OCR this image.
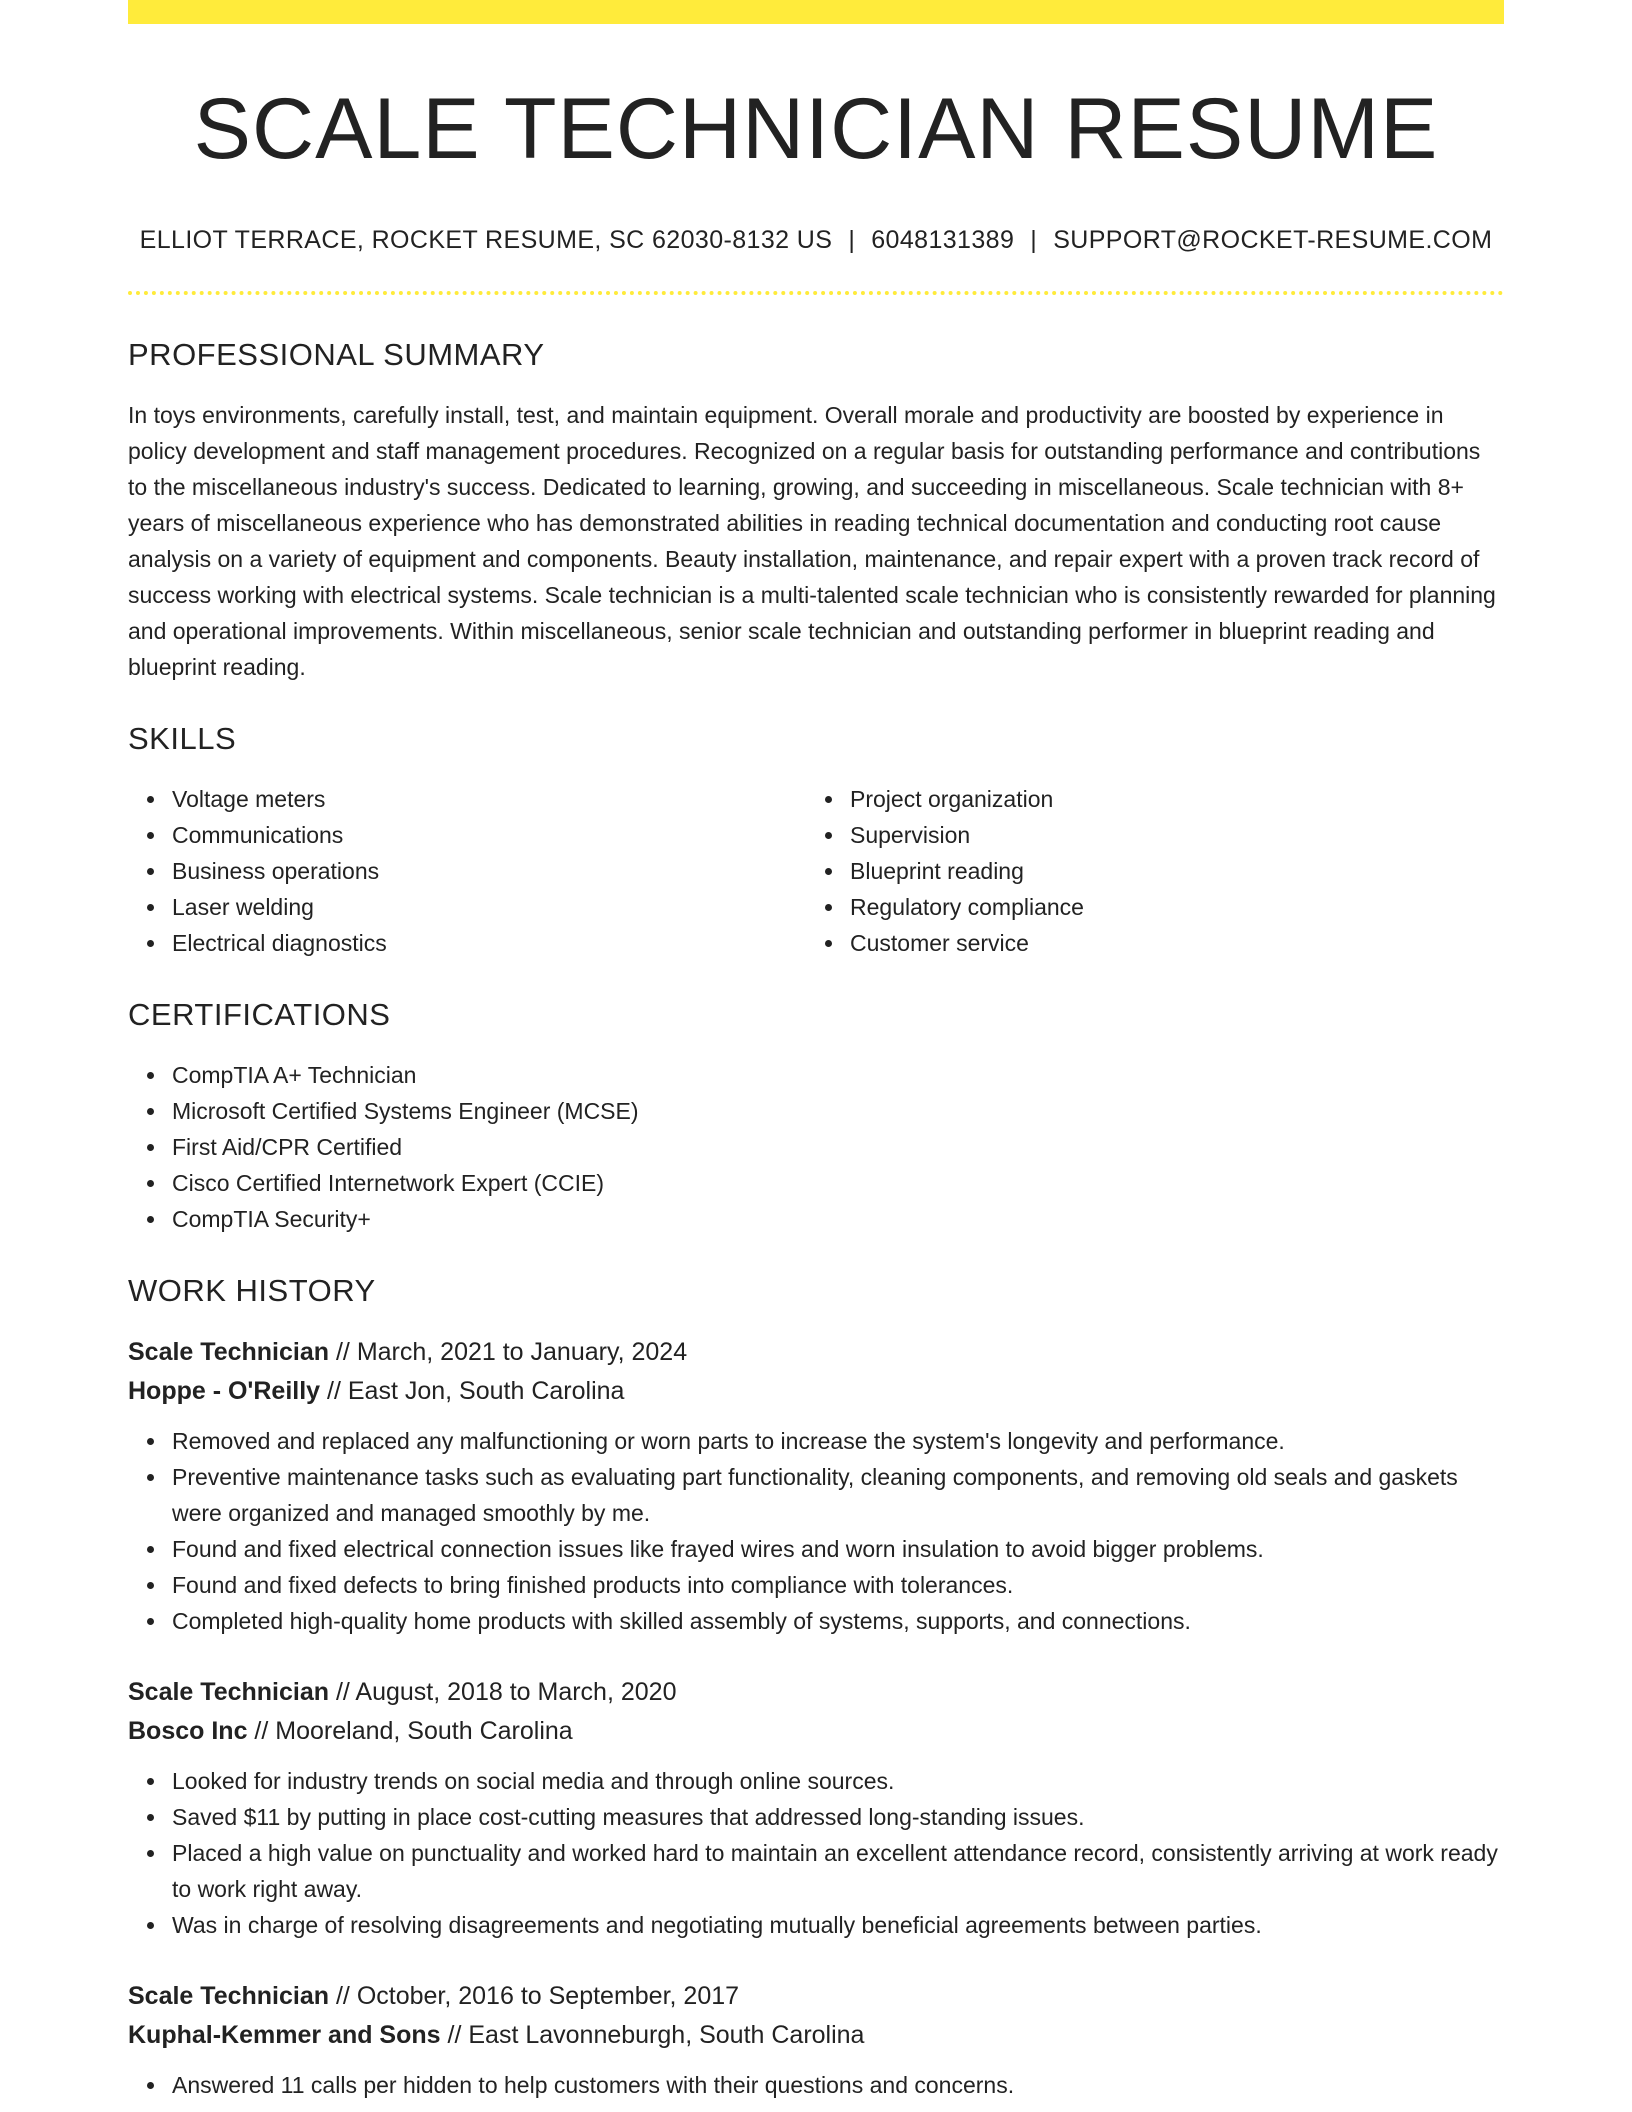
SCALE TECHNICIAN RESUME
ELLIOT TERRACE, ROCKET RESUME, SC 62030-8132 US | 6048131389 | SUPPORT@ROCKET-RESUME.COM
PROFESSIONAL SUMMARY

In toys environments, carefully install, test, and maintain equipment. Overall morale and productivity are boosted by experience in policy development and staff management procedures. Recognized on a regular basis for outstanding performance and contributions to the miscellaneous industry's success. Dedicated to learning, growing, and succeeding in miscellaneous. Scale technician with 8+ years of miscellaneous experience who has demonstrated abilities in reading technical documentation and conducting root cause analysis on a variety of equipment and components. Beauty installation, maintenance, and repair expert with a proven track record of success working with electrical systems. Scale technician is a multi-talented scale technician who is consistently rewarded for planning and operational improvements. Within miscellaneous, senior scale technician and outstanding performer in blueprint reading and blueprint reading.

SKILLS
Voltage meters
Communications
Business operations
Laser welding
Electrical diagnostics
Project organization
Supervision
Blueprint reading
Regulatory compliance
Customer service
CERTIFICATIONS
CompTIA A+ Technician
Microsoft Certified Systems Engineer (MCSE)
First Aid/CPR Certified
Cisco Certified Internetwork Expert (CCIE)
CompTIA Security+
WORK HISTORY
Scale Technician // March, 2021 to January, 2024
Hoppe - O'Reilly // East Jon, South Carolina
Removed and replaced any malfunctioning or worn parts to increase the system's longevity and performance.
Preventive maintenance tasks such as evaluating part functionality, cleaning components, and removing old seals and gaskets were organized and managed smoothly by me.
Found and fixed electrical connection issues like frayed wires and worn insulation to avoid bigger problems.
Found and fixed defects to bring finished products into compliance with tolerances.
Completed high-quality home products with skilled assembly of systems, supports, and connections.
Scale Technician // August, 2018 to March, 2020
Bosco Inc // Mooreland, South Carolina
Looked for industry trends on social media and through online sources.
Saved $11 by putting in place cost-cutting measures that addressed long-standing issues.
Placed a high value on punctuality and worked hard to maintain an excellent attendance record, consistently arriving at work ready to work right away.
Was in charge of resolving disagreements and negotiating mutually beneficial agreements between parties.
Scale Technician // October, 2016 to September, 2017
Kuphal-Kemmer and Sons // East Lavonneburgh, South Carolina
Answered 11 calls per hidden to help customers with their questions and concerns.
